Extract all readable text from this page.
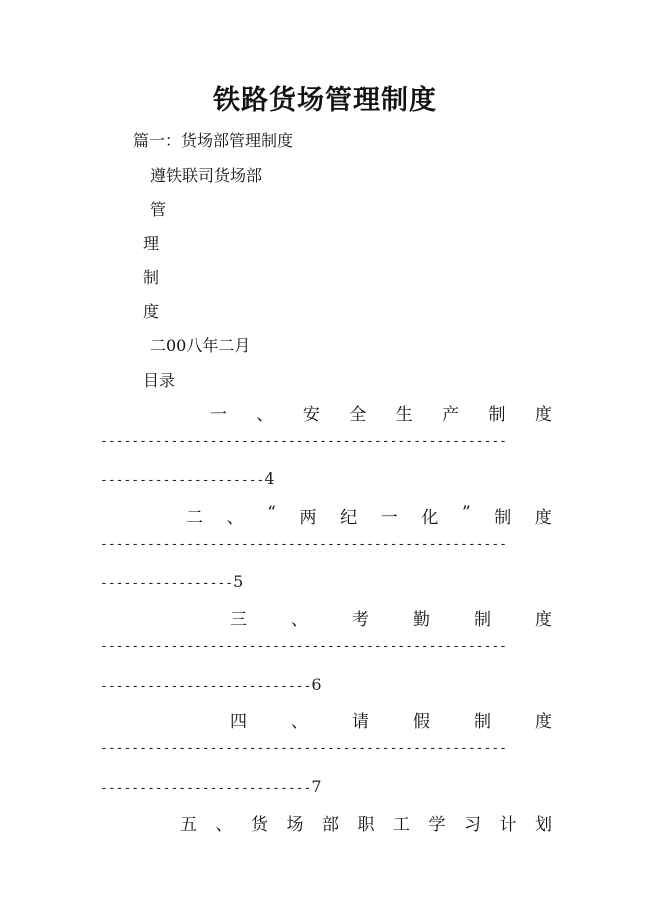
铁路货场管理制度
篇一：货场部管理制度
遵铁联司货场部
管
理
制
度
二00八年二月
目录
一 、 安 全 生 产 制 度
----------------------------------------------------
---------------------4
二 、 “ 两 纪 一 化 ” 制 度
----------------------------------------------------
-----------------5
三	、	考	勤	制	度
----------------------------------------------------
---------------------------6
四	、	请	假	制	度
----------------------------------------------------
---------------------------7
五 、 货 场 部 职 工 学 习 计 划
